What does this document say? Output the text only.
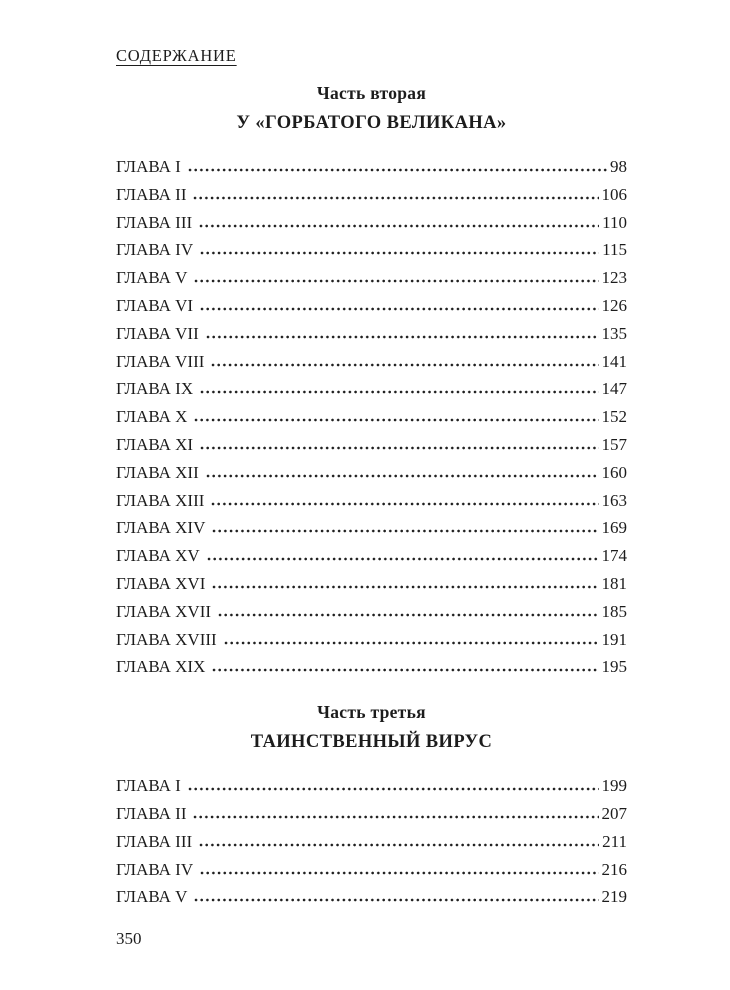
СОДЕРЖАНИЕ
Часть вторая
У «ГОРБАТОГО ВЕЛИКАНА»
ГЛАВА I	98
ГЛАВА II	106
ГЛАВА III	110
ГЛАВА IV	115
ГЛАВА V	123
ГЛАВА VI	126
ГЛАВА VII	135
ГЛАВА VIII	141
ГЛАВА IX	147
ГЛАВА X	152
ГЛАВА XI	157
ГЛАВА XII	160
ГЛАВА XIII	163
ГЛАВА XIV	169
ГЛАВА XV	174
ГЛАВА XVI	181
ГЛАВА XVII	185
ГЛАВА XVIII	191
ГЛАВА XIX	195
Часть третья
ТАИНСТВЕННЫЙ ВИРУС
ГЛАВА I	199
ГЛАВА II	207
ГЛАВА III	211
ГЛАВА IV	216
ГЛАВА V	219
350
